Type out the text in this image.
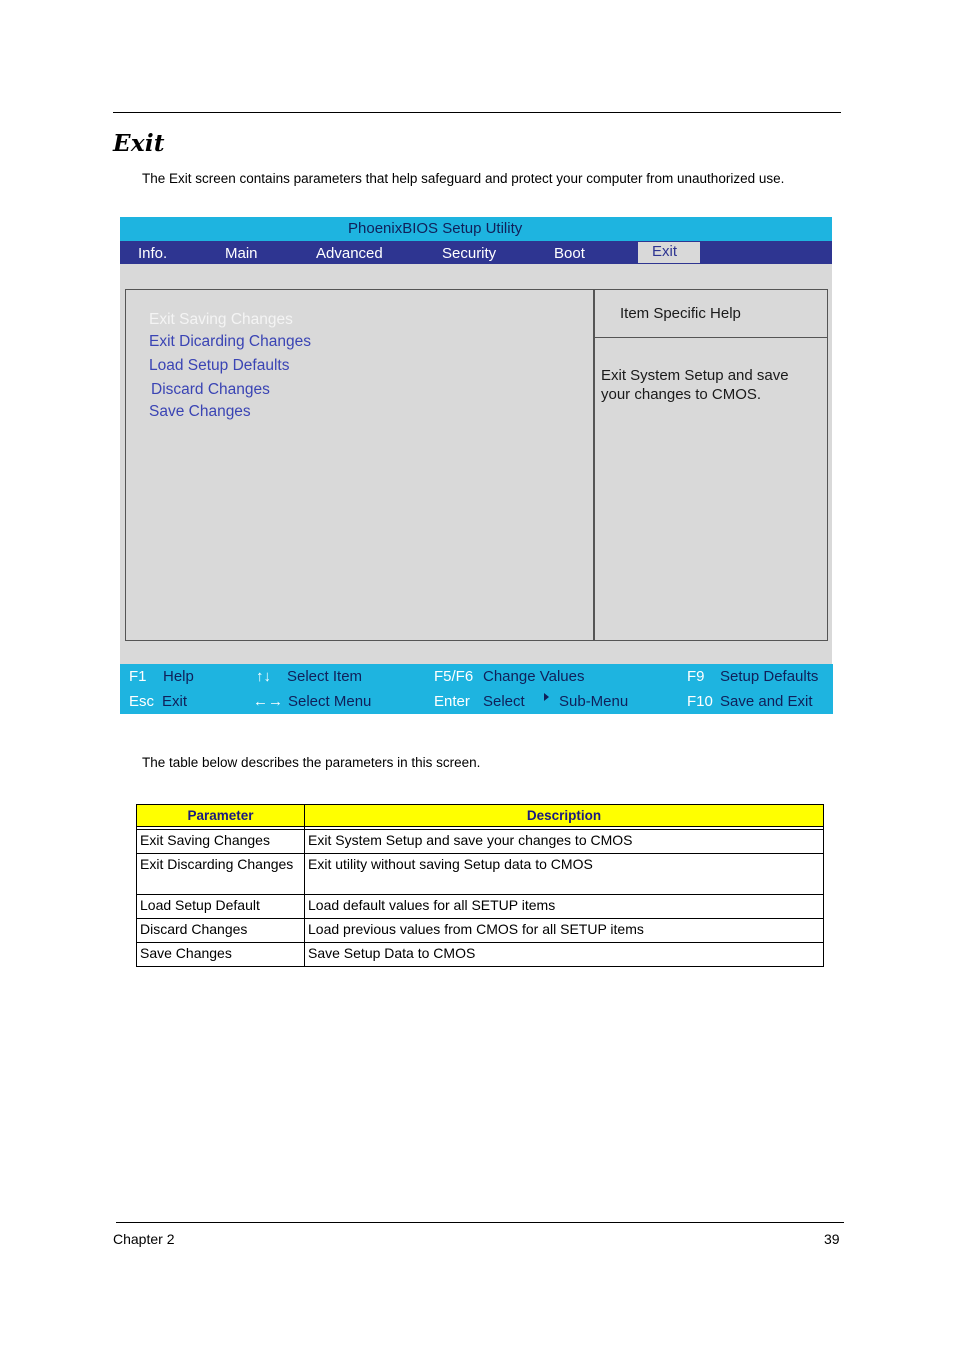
Exit
The Exit screen contains parameters that help safeguard and protect your computer from unauthorized use.
PhoenixBIOS Setup Utility
Info.	Main	Advanced	Security	Boot	Exit
Exit Saving Changes
Exit Dicarding Changes
Load Setup Defaults
Discard Changes
Save Changes
Item Specific Help
Exit System Setup and save your changes to CMOS.
F1 Help
Esc Exit
↑↓ Select Item
←→ Select Menu
F5/F6 Change Values
Enter Select Sub-Menu
F9 Setup Defaults
F10 Save and Exit
The table below describes the parameters in this screen.
Parameter	Description

Exit Saving Changes	Exit System Setup and save your changes to CMOS
Exit Discarding Changes	Exit utility without saving Setup data to CMOS
Load Setup Default	Load default values for all SETUP items
Discard Changes	Load previous values from CMOS for all SETUP items
Save Changes	Save Setup Data to CMOS
Chapter 2	39
